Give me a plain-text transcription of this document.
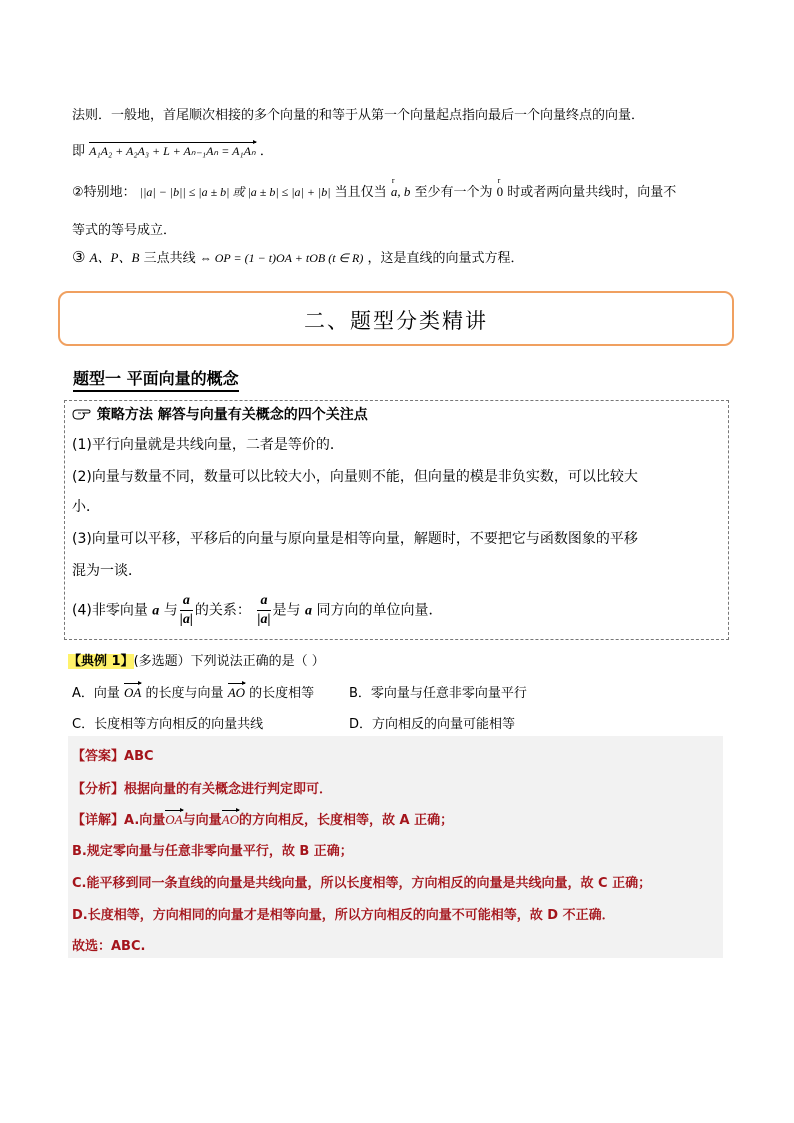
法则．一般地，首尾顺次相接的多个向量的和等于从第一个向量起点指向最后一个向量终点的向量．
即 A₁A₂ + A₂A₃ + L + Aₙ₋₁Aₙ = A₁Aₙ ．
②特别地： ||a| − |b|| ≤ |a ± b| 或 |a ± b| ≤ |a| + |b| 当且仅当 r a, b 至少有一个为 r 0 时或者两向量共线时，向量不
等式的等号成立．
③ A、P、B 三点共线 ⇔ OP = (1 − t)OA + tOB (t ∈ R) ，这是直线的向量式方程．
二、题型分类精讲
题型一 平面向量的概念
策略方法 解答与向量有关概念的四个关注点
(1)平行向量就是共线向量，二者是等价的．
(2)向量与数量不同，数量可以比较大小，向量则不能，但向量的模是非负实数，可以比较大
小．
(3)向量可以平移，平移后的向量与原向量是相等向量，解题时，不要把它与函数图象的平移
混为一谈．
(4)非零向量 a 与 $\frac{a}{|a|}$ 的关系： $\frac{a}{|a|}$ 是与 a 同方向的单位向量．
【典例 1】(多选题）下列说法正确的是（ ）
A．向量 OA 的长度与向量 AO 的长度相等	B．零向量与任意非零向量平行
C．长度相等方向相反的向量共线	D．方向相反的向量可能相等
【答案】ABC
【分析】根据向量的有关概念进行判定即可．
【详解】A.向量OA与向量AO的方向相反，长度相等，故 A 正确；
B.规定零向量与任意非零向量平行，故 B 正确；
C.能平移到同一条直线的向量是共线向量，所以长度相等，方向相反的向量是共线向量，故 C 正确；
D.长度相等，方向相同的向量才是相等向量，所以方向相反的向量不可能相等，故 D 不正确．
故选：ABC.
